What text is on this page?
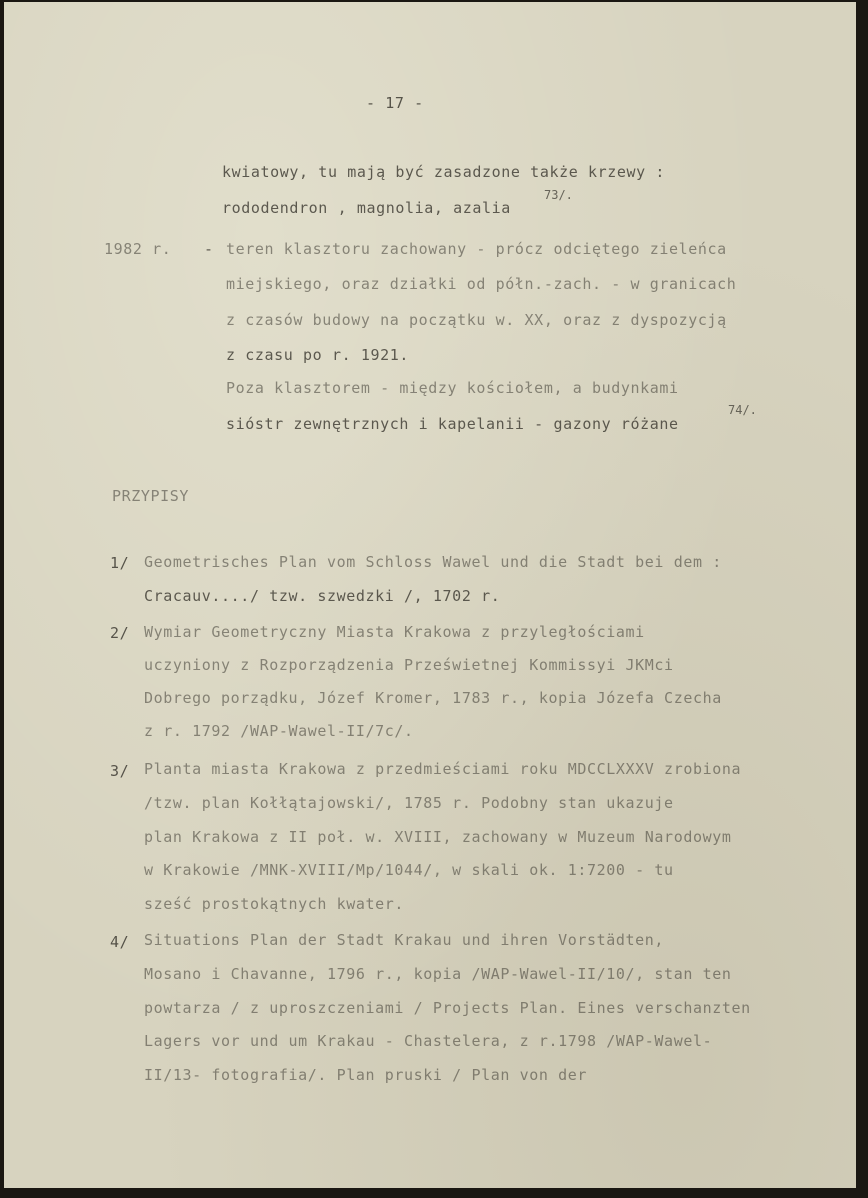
- 17 -
kwiatowy, tu mają być zasadzone także krzewy :
rododendron , magnolia, azalia
73/.
1982 r. - teren klasztoru zachowany - prócz odciętego zieleńca
miejskiego, oraz działki od półn.-zach. - w granicach
z czasów budowy na początku w. XX, oraz z dyspozycją
z czasu po r. 1921.
Poza klasztorem - między kościołem, a budynkami
sióstr zewnętrznych i kapelanii - gazony różane
74/.
PRZYPISY
1/ Geometrisches Plan vom Schloss Wawel und die Stadt bei dem :
Cracauv..../ tzw. szwedzki /, 1702 r.
2/ Wymiar Geometryczny Miasta Krakowa z przyległościami
uczyniony z Rozporządzenia Prześwietnej Kommissyi JKMci
Dobrego porządku, Józef Kromer, 1783 r., kopia Józefa Czecha
z r. 1792 /WAP-Wawel-II/7c/.
3/ Planta miasta Krakowa z przedmieściami roku MDCCLXXXV zrobiona
/tzw. plan Kołłątajowski/, 1785 r. Podobny stan ukazuje
plan Krakowa z II poł. w. XVIII, zachowany w Muzeum Narodowym
w Krakowie /MNK-XVIII/Mp/1044/, w skali ok. 1:7200 - tu
sześć prostokątnych kwater.
4/ Situations Plan der Stadt Krakau und ihren Vorstädten,
Mosano i Chavanne, 1796 r., kopia /WAP-Wawel-II/10/, stan ten
powtarza / z uproszczeniami / Projects Plan. Eines verschanzten
Lagers vor und um Krakau - Chastelera, z r.1798 /WAP-Wawel-
II/13- fotografia/. Plan pruski / Plan von der
